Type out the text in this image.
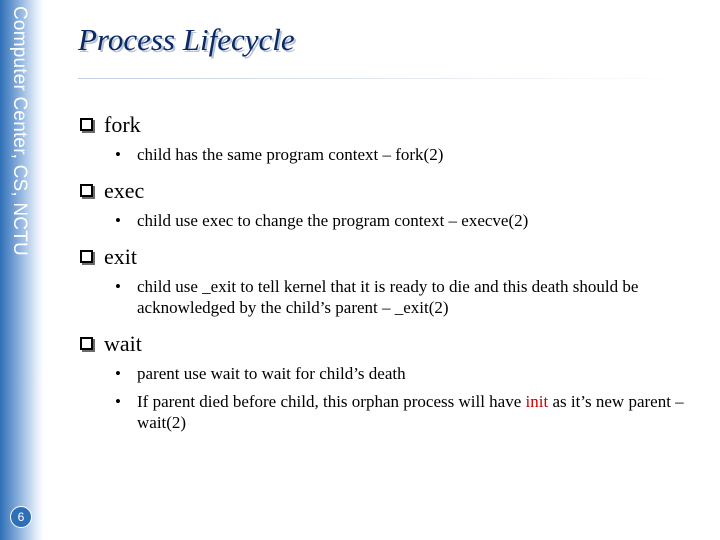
Computer Center, CS, NCTU
6
Process Lifecycle
fork
• child has the same program context – fork(2)
exec
• child use exec to change the program context – execve(2)
exit
• child use _exit to tell kernel that it is ready to die and this death should be acknowledged by the child’s parent – _exit(2)
wait
• parent use wait to wait for child’s death
• If parent died before child, this orphan process will have init as it’s new parent – wait(2)
